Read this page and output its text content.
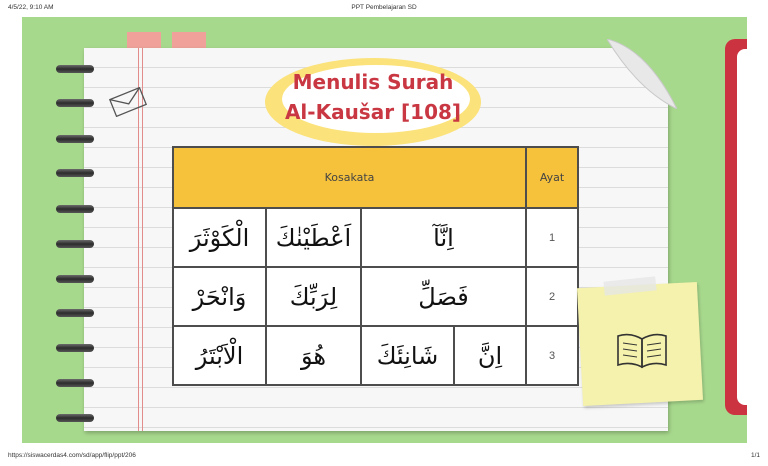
4/5/22, 9:10 AM	PPT Pembelajaran SD
Menulis Surah
Al-Kaušar [108]
Kosakata				Ayat
الْكَوْثَرَ	اَعْطَيْنٰكَ	اِنَّآ		1
وَانْحَرْ	لِرَبِّكَ	فَصَلِّ		2
الْاَبْتَرُ	هُوَ	شَانِئَكَ	اِنَّ	3
https://siswacerdas4.com/sd/app/flip/ppt/206	1/1
